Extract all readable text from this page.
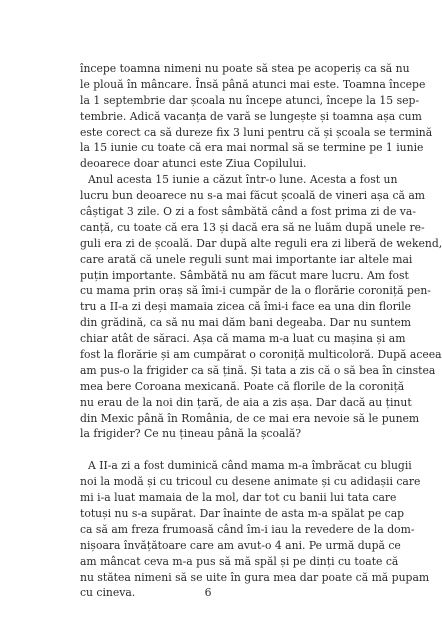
începe toamna nimeni nu poate să stea pe acoperiș ca să nu
le plouă în mâncare. Însă până atunci mai este. Toamna începe
la 1 septembrie dar școala nu începe atunci, începe la 15 sep-
tembrie. Adică vacanța de vară se lungește și toamna așa cum
este corect ca să dureze fix 3 luni pentru că și școala se termină
la 15 iunie cu toate că era mai normal să se termine pe 1 iunie
deoarece doar atunci este Ziua Copilului.
Anul acesta 15 iunie a căzut într-o lune. Acesta a fost un
lucru bun deoarece nu s-a mai făcut școală de vineri așa că am
câștigat 3 zile. O zi a fost sâmbătă când a fost prima zi de va-
canță, cu toate că era 13 și dacă era să ne luăm după unele re-
guli era zi de școală. Dar după alte reguli era zi liberă de wekend,
care arată că unele reguli sunt mai importante iar altele mai
puțin importante. Sâmbătă nu am făcut mare lucru. Am fost
cu mama prin oraș să îmi-i cumpăr de la o florărie coroniță pen-
tru a II-a zi deși mamaia zicea că îmi-i face ea una din florile
din grădină, ca să nu mai dăm bani degeaba. Dar nu suntem
chiar atât de săraci. Așa că mama m-a luat cu mașina și am
fost la florărie și am cumpărat o coroniță multicoloră. După aceea
am pus-o la frigider ca să țină. Și tata a zis că o să bea în cinstea
mea bere Coroana mexicană. Poate că florile de la coroniță
nu erau de la noi din țară, de aia a zis așa. Dar dacă au ținut
din Mexic până în România, de ce mai era nevoie să le punem
la frigider? Ce nu țineau până la școală?
A II-a zi a fost duminică când mama m-a îmbrăcat cu blugii
noi la modă și cu tricoul cu desene animate și cu adidașii care
mi i-a luat mamaia de la mol, dar tot cu banii lui tata care
totuși nu s-a supărat. Dar înainte de asta m-a spălat pe cap
ca să am freza frumoasă când îm-i iau la revedere de la dom-
nișoara învățătoare care am avut-o 4 ani. Pe urmă după ce
am mâncat ceva m-a pus să mă spăl și pe dinți cu toate că
nu stătea nimeni să se uite în gura mea dar poate că mă pupam
cu cineva.	6
